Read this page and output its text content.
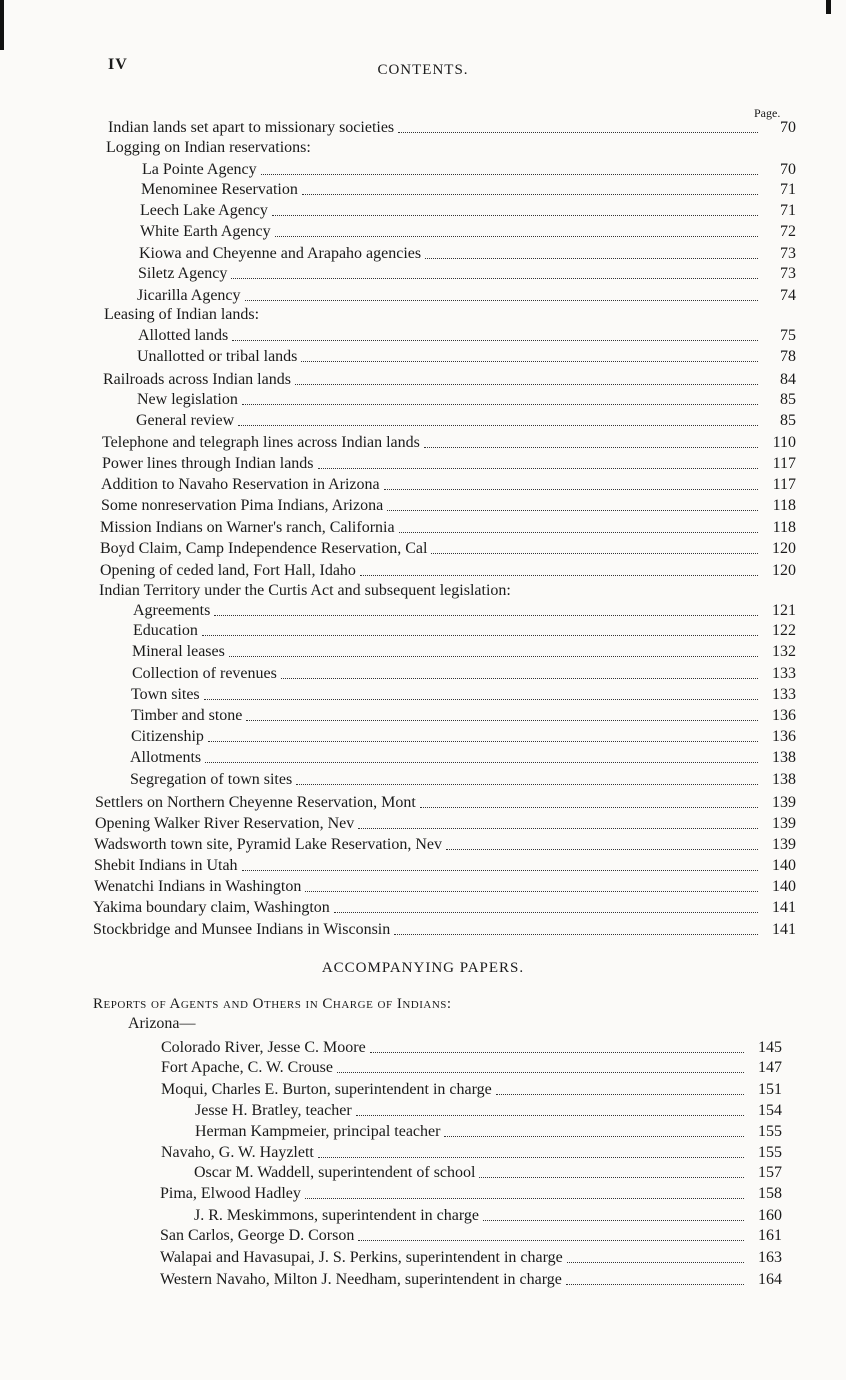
IV	CONTENTS.
Page.
Indian lands set apart to missionary societies	70
Logging on Indian reservations:
La Pointe Agency	70
Menominee Reservation	71
Leech Lake Agency	71
White Earth Agency	72
Kiowa and Cheyenne and Arapaho agencies	73
Siletz Agency	73
Jicarilla Agency	74
Leasing of Indian lands:
Allotted lands	75
Unallotted or tribal lands	78
Railroads across Indian lands	84
New legislation	85
General review	85
Telephone and telegraph lines across Indian lands	110
Power lines through Indian lands	117
Addition to Navaho Reservation in Arizona	117
Some nonreservation Pima Indians, Arizona	118
Mission Indians on Warner's ranch, California	118
Boyd Claim, Camp Independence Reservation, Cal	120
Opening of ceded land, Fort Hall, Idaho	120
Indian Territory under the Curtis Act and subsequent legislation:
Agreements	121
Education	122
Mineral leases	132
Collection of revenues	133
Town sites	133
Timber and stone	136
Citizenship	136
Allotments	138
Segregation of town sites	138
Settlers on Northern Cheyenne Reservation, Mont	139
Opening Walker River Reservation, Nev	139
Wadsworth town site, Pyramid Lake Reservation, Nev	139
Shebit Indians in Utah	140
Wenatchi Indians in Washington	140
Yakima boundary claim, Washington	141
Stockbridge and Munsee Indians in Wisconsin	141
ACCOMPANYING PAPERS.
Reports of Agents and Others in Charge of Indians:
Arizona—
Colorado River, Jesse C. Moore	145
Fort Apache, C. W. Crouse	147
Moqui, Charles E. Burton, superintendent in charge	151
Jesse H. Bratley, teacher	154
Herman Kampmeier, principal teacher	155
Navaho, G. W. Hayzlett	155
Oscar M. Waddell, superintendent of school	157
Pima, Elwood Hadley	158
J. R. Meskimmons, superintendent in charge	160
San Carlos, George D. Corson	161
Walapai and Havasupai, J. S. Perkins, superintendent in charge	163
Western Navaho, Milton J. Needham, superintendent in charge	164
